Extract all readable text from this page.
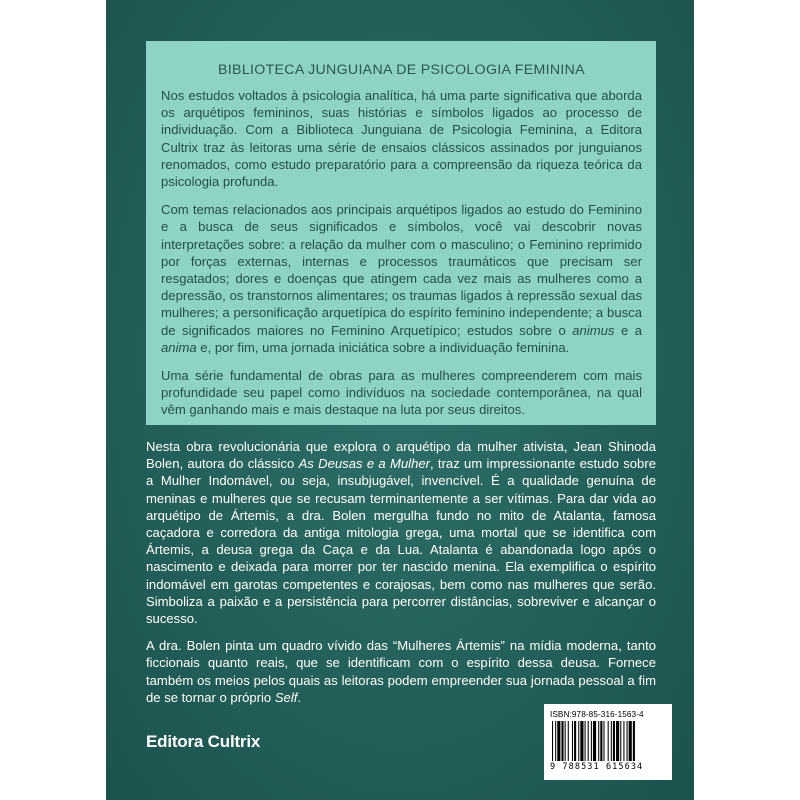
BIBLIOTECA JUNGUIANA DE PSICOLOGIA FEMININA

Nos estudos voltados à psicologia analítica, há uma parte significativa que aborda os arquétipos femininos, suas histórias e símbolos ligados ao processo de individuação. Com a Biblioteca Junguiana de Psicologia Feminina, a Editora Cultrix traz às leitoras uma série de ensaios clássicos assinados por junguianos renomados, como estudo preparatório para a compreensão da riqueza teórica da psicologia profunda.

Com temas relacionados aos principais arquétipos ligados ao estudo do Feminino e a busca de seus significados e símbolos, você vai descobrir novas interpretações sobre: a relação da mulher com o masculino; o Feminino reprimido por forças externas, internas e processos traumáticos que precisam ser resgatados; dores e doenças que atingem cada vez mais as mulheres como a depressão, os transtornos alimentares; os traumas ligados à repressão sexual das mulheres; a personificação arquetípica do espírito feminino independente; a busca de significados maiores no Feminino Arquetípico; estudos sobre o animus e a anima e, por fim, uma jornada iniciática sobre a individuação feminina.

Uma série fundamental de obras para as mulheres compreenderem com mais profundidade seu papel como indivíduos na sociedade contemporânea, na qual vêm ganhando mais e mais destaque na luta por seus direitos.

Nesta obra revolucionária que explora o arquétipo da mulher ativista, Jean Shinoda Bolen, autora do clássico As Deusas e a Mulher, traz um impressionante estudo sobre a Mulher Indomável, ou seja, insubjugável, invencível. É a qualidade genuína de meninas e mulheres que se recusam terminantemente a ser vítimas. Para dar vida ao arquétipo de Ártemis, a dra. Bolen mergulha fundo no mito de Atalanta, famosa caçadora e corredora da antiga mitologia grega, uma mortal que se identifica com Ártemis, a deusa grega da Caça e da Lua. Atalanta é abandonada logo após o nascimento e deixada para morrer por ter nascido menina. Ela exemplifica o espírito indomável em garotas competentes e corajosas, bem como nas mulheres que serão. Simboliza a paixão e a persistência para percorrer distâncias, sobreviver e alcançar o sucesso.

A dra. Bolen pinta um quadro vívido das “Mulheres Ártemis” na mídia moderna, tanto ficcionais quanto reais, que se identificam com o espírito dessa deusa. Fornece também os meios pelos quais as leitoras podem empreender sua jornada pessoal a fim de se tornar o próprio Self.

Editora Cultrix
ISBN:978-85-316-1563-4
9 788531 615634
